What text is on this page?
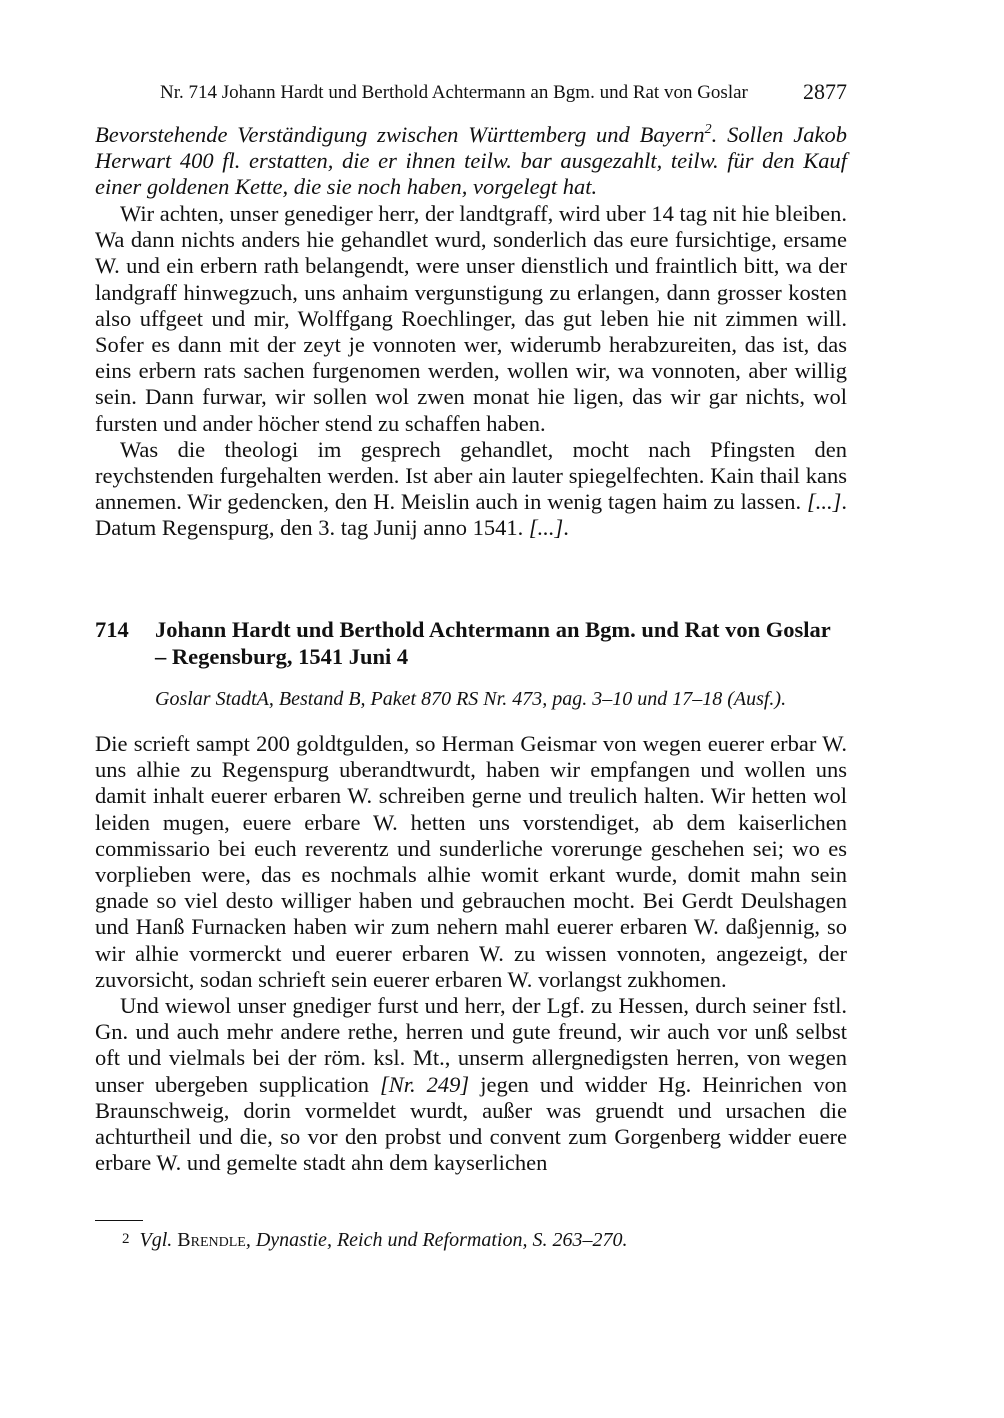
Nr. 714 Johann Hardt und Berthold Achtermann an Bgm. und Rat von Goslar	2877

Bevorstehende Verständigung zwischen Württemberg und Bayern$^2$. Sollen Jakob Herwart 400 fl. erstatten, die er ihnen teilw. bar ausgezahlt, teilw. für den Kauf einer goldenen Kette, die sie noch haben, vorgelegt hat.

Wir achten, unser genediger herr, der landtgraff, wird uber 14 tag nit hie bleiben. Wa dann nichts anders hie gehandlet wurd, sonderlich das eure fursichtige, ersame W. und ein erbern rath belangendt, were unser dienstlich und fraintlich bitt, wa der landgraff hinwegzuch, uns anhaim vergunstigung zu erlangen, dann grosser kosten also uffgeet und mir, Wolffgang Roechlinger, das gut leben hie nit zimmen will. Sofer es dann mit der zeyt je vonnoten wer, widerumb herabzureiten, das ist, das eins erbern rats sachen furgenomen werden, wollen wir, wa vonnoten, aber willig sein. Dann furwar, wir sollen wol zwen monat hie ligen, das wir gar nichts, wol fursten und ander höcher stend zu schaffen haben.

Was die theologi im gesprech gehandlet, mocht nach Pfingsten den reychstenden furgehalten werden. Ist aber ain lauter spiegelfechten. Kain thail kans annemen. Wir gedencken, den H. Meislin auch in wenig tagen haim zu lassen. [...]. Datum Regenspurg, den 3. tag Junij anno 1541. [...].

714 Johann Hardt und Berthold Achtermann an Bgm. und Rat von Goslar – Regensburg, 1541 Juni 4
Goslar StadtA, Bestand B, Paket 870 RS Nr. 473, pag. 3–10 und 17–18 (Ausf.).

Die scrieft sampt 200 goldtgulden, so Herman Geismar von wegen euerer erbar W. uns alhie zu Regenspurg uberandtwurdt, haben wir empfangen und wollen uns damit inhalt euerer erbaren W. schreiben gerne und treulich halten. Wir hetten wol leiden mugen, euere erbare W. hetten uns vorstendiget, ab dem kaiserlichen commissario bei euch reverentz und sunderliche vorerunge geschehen sei; wo es vorplieben were, das es nochmals alhie womit erkant wurde, domit mahn sein gnade so viel desto williger haben und gebrauchen mocht. Bei Gerdt Deulshagen und Hanß Furnacken haben wir zum nehern mahl euerer erbaren W. daßjennig, so wir alhie vormerckt und euerer erbaren W. zu wissen vonnoten, angezeigt, der zuvorsicht, sodan schrieft sein euerer erbaren W. vorlangst zukhomen.

Und wiewol unser gnediger furst und herr, der Lgf. zu Hessen, durch seiner fstl. Gn. und auch mehr andere rethe, herren und gute freund, wir auch vor unß selbst oft und vielmals bei der röm. ksl. Mt., unserm allergnedigsten herren, von wegen unser ubergeben supplication [Nr. 249] jegen und widder Hg. Heinrichen von Braunschweig, dorin vormeldet wurdt, außer was gruendt und ursachen die achturtheil und die, so vor den probst und convent zum Gorgenberg widder euere erbare W. und gemelte stadt ahn dem kayserlichen

2 Vgl. Brendle, Dynastie, Reich und Reformation, S. 263–270.
